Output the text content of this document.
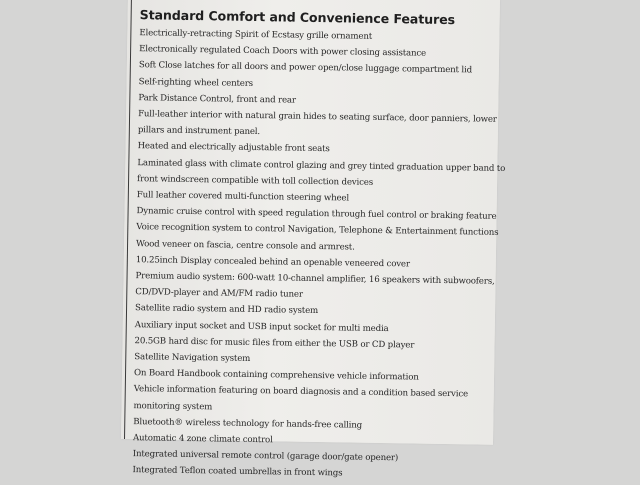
Standard Comfort and Convenience Features
Electrically-retracting Spirit of Ecstasy grille ornament
Electronically regulated Coach Doors with power closing assistance
Soft Close latches for all doors and power open/close luggage compartment lid
Self-righting wheel centers
Park Distance Control, front and rear
Full-leather interior with natural grain hides to seating surface, door panniers, lower
pillars and instrument panel.
Heated and electrically adjustable front seats
Laminated glass with climate control glazing and grey tinted graduation upper band to
front windscreen compatible with toll collection devices
Full leather covered multi-function steering wheel
Dynamic cruise control with speed regulation through fuel control or braking feature
Voice recognition system to control Navigation, Telephone & Entertainment functions
Wood veneer on fascia, centre console and armrest.
10.25inch Display concealed behind an openable veneered cover
Premium audio system: 600-watt 10-channel amplifier, 16 speakers with subwoofers,
CD/DVD-player and AM/FM radio tuner
Satellite radio system and HD radio system
Auxiliary input socket and USB input socket for multi media
20.5GB hard disc for music files from either the USB or CD player
Satellite Navigation system
On Board Handbook containing comprehensive vehicle information
Vehicle information featuring on board diagnosis and a condition based service
monitoring system
Bluetooth® wireless technology for hands-free calling
Automatic 4 zone climate control
Integrated universal remote control (garage door/gate opener)
Integrated Teflon coated umbrellas in front wings
